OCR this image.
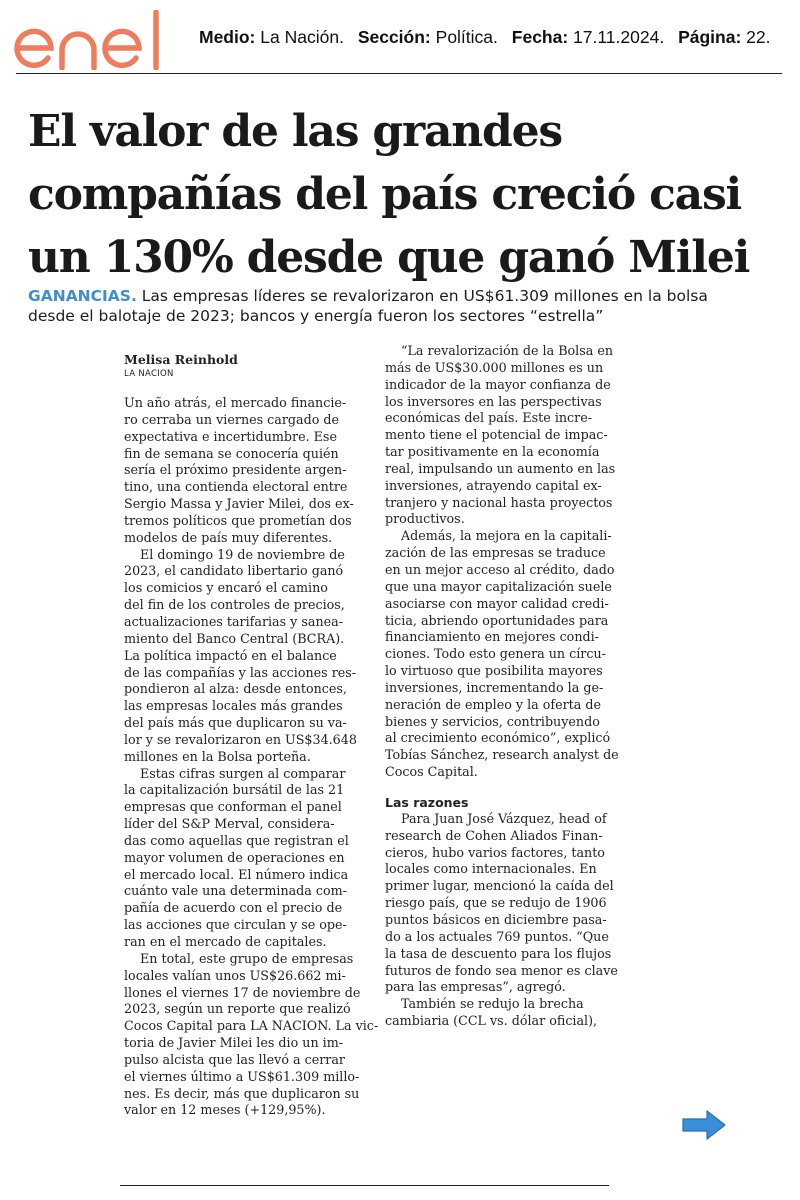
Medio: La Nación. Sección: Política. Fecha: 17.11.2024. Página: 22.
El valor de las grandes
compañías del país creció casi
un 130% desde que ganó Milei
GANANCIAS. Las empresas líderes se revalorizaron en US$61.309 millones en la bolsa
desde el balotaje de 2023; bancos y energía fueron los sectores “estrella”
Melisa Reinhold
LA NACION

Un año atrás, el mercado financie-
ro cerraba un viernes cargado de
expectativa e incertidumbre. Ese
fin de semana se conocería quién
sería el próximo presidente argen-
tino, una contienda electoral entre
Sergio Massa y Javier Milei, dos ex-
tremos políticos que prometían dos
modelos de país muy diferentes.

El domingo 19 de noviembre de
2023, el candidato libertario ganó
los comicios y encaró el camino
del fin de los controles de precios,
actualizaciones tarifarias y sanea-
miento del Banco Central (BCRA).
La política impactó en el balance
de las compañías y las acciones res-
pondieron al alza: desde entonces,
las empresas locales más grandes
del país más que duplicaron su va-
lor y se revalorizaron en US$34.648
millones en la Bolsa porteña.

Estas cifras surgen al comparar
la capitalización bursátil de las 21
empresas que conforman el panel
líder del S&P Merval, considera-
das como aquellas que registran el
mayor volumen de operaciones en
el mercado local. El número indica
cuánto vale una determinada com-
pañía de acuerdo con el precio de
las acciones que circulan y se ope-
ran en el mercado de capitales.

En total, este grupo de empresas
locales valían unos US$26.662 mi-
llones el viernes 17 de noviembre de
2023, según un reporte que realizó
Cocos Capital para LA NACION. La vic-
toria de Javier Milei les dio un im-
pulso alcista que las llevó a cerrar
el viernes último a US$61.309 millo-
nes. Es decir, más que duplicaron su
valor en 12 meses (+129,95%).

“La revalorización de la Bolsa en
más de US$30.000 millones es un
indicador de la mayor confianza de
los inversores en las perspectivas
económicas del país. Este incre-
mento tiene el potencial de impac-
tar positivamente en la economía
real, impulsando un aumento en las
inversiones, atrayendo capital ex-
tranjero y nacional hasta proyectos
productivos.

Además, la mejora en la capitali-
zación de las empresas se traduce
en un mejor acceso al crédito, dado
que una mayor capitalización suele
asociarse con mayor calidad credi-
ticia, abriendo oportunidades para
financiamiento en mejores condi-
ciones. Todo esto genera un círcu-
lo virtuoso que posibilita mayores
inversiones, incrementando la ge-
neración de empleo y la oferta de
bienes y servicios, contribuyendo
al crecimiento económico”, explicó
Tobías Sánchez, research analyst de
Cocos Capital.

Las razones

Para Juan José Vázquez, head of
research de Cohen Aliados Finan-
cieros, hubo varios factores, tanto
locales como internacionales. En
primer lugar, mencionó la caída del
riesgo país, que se redujo de 1906
puntos básicos en diciembre pasa-
do a los actuales 769 puntos. “Que
la tasa de descuento para los flujos
futuros de fondo sea menor es clave
para las empresas”, agregó.

También se redujo la brecha
cambiaria (CCL vs. dólar oficial),
